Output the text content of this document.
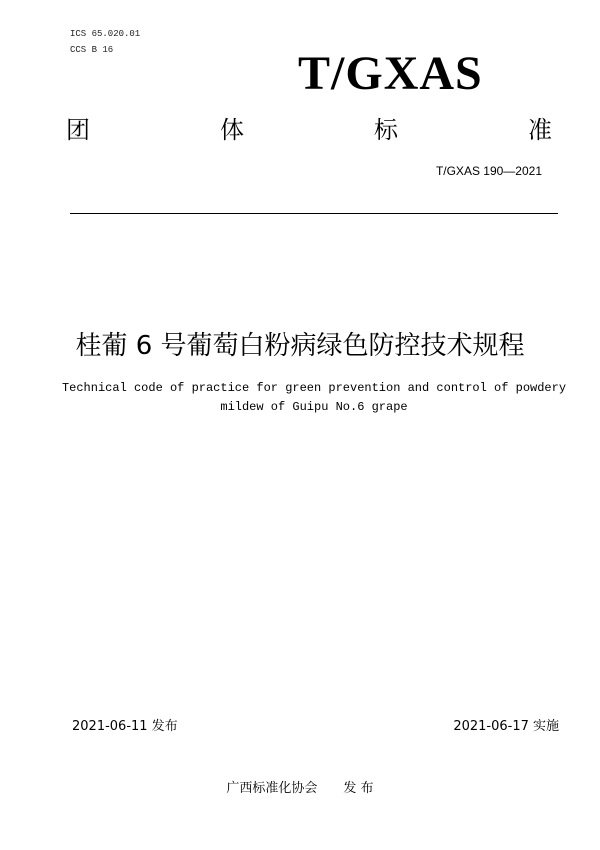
ICS 65.020.01
CCS B 16	T/GXAS
团	体	标	准
T/GXAS 190—2021
桂葡 6 号葡萄白粉病绿色防控技术规程
Technical code of practice for green prevention and control of powdery
mildew of Guipu No.6 grape
2021-06-11 发布	2021-06-17 实施
广西标准化协会　　发 布
